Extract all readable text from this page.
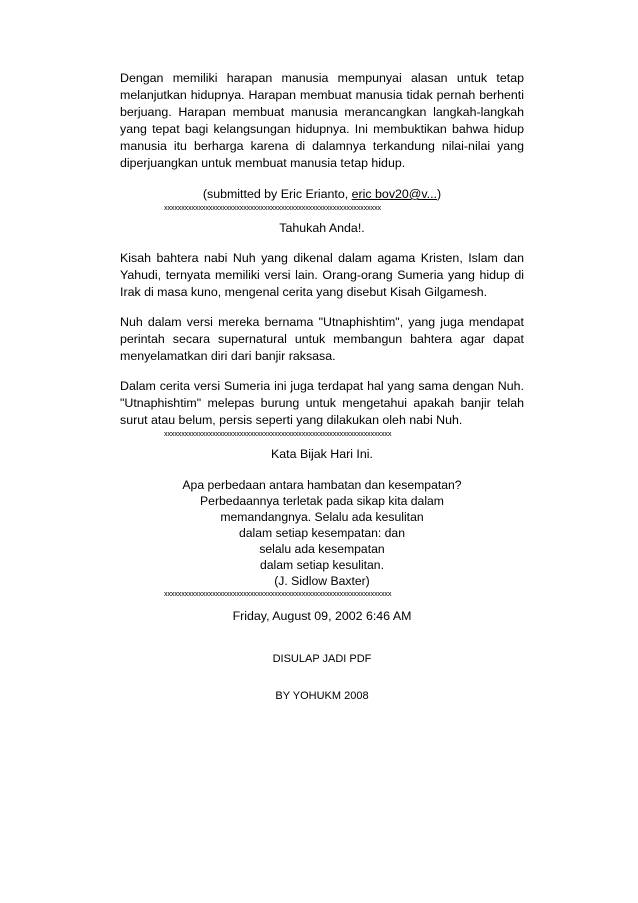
Dengan memiliki harapan manusia mempunyai alasan untuk tetap melanjutkan hidupnya. Harapan membuat manusia tidak pernah berhenti berjuang. Harapan membuat manusia merancangkan langkah-langkah yang tepat bagi kelangsungan hidupnya. Ini membuktikan bahwa hidup manusia itu berharga karena di dalamnya terkandung nilai-nilai yang diperjuangkan untuk membuat manusia tetap hidup.

(submitted by Eric Erianto, eric bov20@v...)
xxxxxxxxxxxxxxxxxxxxxxxxxxxxxxxxxxxxxxxxxxxxxxxxxxxxxxxxxxxxxxx
Tahukah Anda!.

Kisah bahtera nabi Nuh yang dikenal dalam agama Kristen, Islam dan Yahudi, ternyata memiliki versi lain. Orang-orang Sumeria yang hidup di Irak di masa kuno, mengenal cerita yang disebut Kisah Gilgamesh.

Nuh dalam versi mereka bernama "Utnaphishtim", yang juga mendapat perintah secara supernatural untuk membangun bahtera agar dapat menyelamatkan diri dari banjir raksasa.

Dalam cerita versi Sumeria ini juga terdapat hal yang sama dengan Nuh. "Utnaphishtim" melepas burung untuk mengetahui apakah banjir telah surut atau belum, persis seperti yang dilakukan oleh nabi Nuh.

xxxxxxxxxxxxxxxxxxxxxxxxxxxxxxxxxxxxxxxxxxxxxxxxxxxxxxxxxxxxxxxxxx
Kata Bijak Hari Ini.
Apa perbedaan antara hambatan dan kesempatan?
Perbedaannya terletak pada sikap kita dalam
memandangnya. Selalu ada kesulitan
dalam setiap kesempatan: dan
selalu ada kesempatan
dalam setiap kesulitan.
(J. Sidlow Baxter)
xxxxxxxxxxxxxxxxxxxxxxxxxxxxxxxxxxxxxxxxxxxxxxxxxxxxxxxxxxxxxxxxxx
Friday, August 09, 2002 6:46 AM
DISULAP JADI PDF
BY YOHUKM 2008
